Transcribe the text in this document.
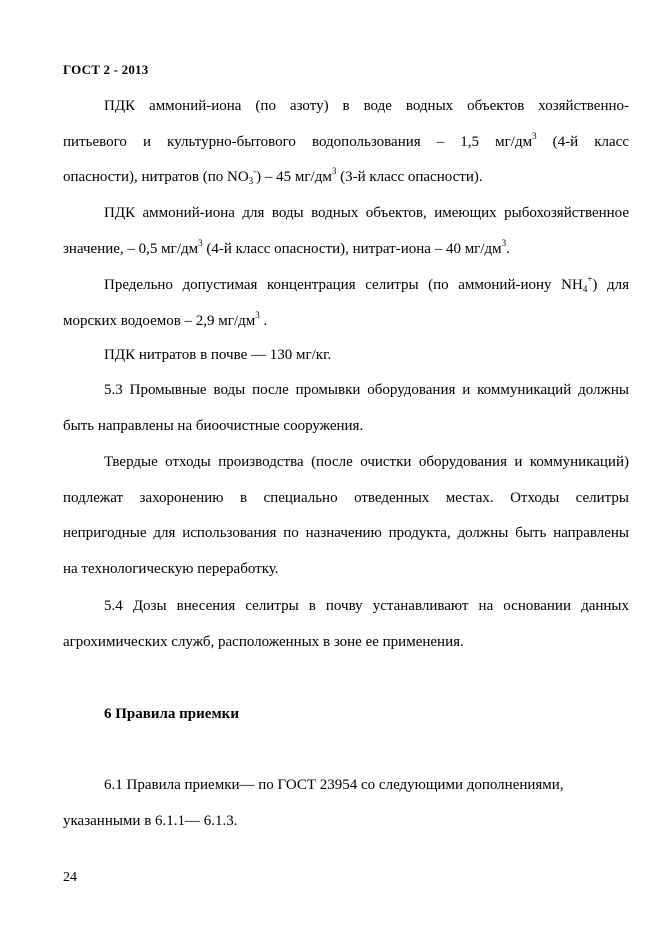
ГОСТ 2 - 2013
ПДК аммоний-иона (по азоту) в воде водных объектов хозяйственно-
питьевого и культурно-бытового водопользования – 1,5 $мг/дм^3$ (4-й класс
опасности), нитратов (по $NO_3^-) - 45$ $мг/дм^3$ (3-й класс опасности).
ПДК аммоний-иона для воды водных объектов, имеющих рыбохозяйственное
значение, – 0,5 $мг/дм^3$ (4-й класс опасности), нитрат-иона – 40 $мг/дм^3$.
Предельно допустимая концентрация селитры (по аммоний-иону $NH_4^+$) для
морских водоемов – 2,9 $мг/дм^3$ .
ПДК нитратов в почве — 130 мг/кг.
5.3 Промывные воды после промывки оборудования и коммуникаций должны
быть направлены на биоочистные сооружения.
Твердые отходы производства (после очистки оборудования и коммуникаций)
подлежат захоронению в специально отведенных местах. Отходы селитры
непригодные для использования по назначению продукта, должны быть направлены
на технологическую переработку.
5.4 Дозы внесения селитры в почву устанавливают на основании данных
агрохимических служб, расположенных в зоне ее применения.
6 Правила приемки
6.1 Правила приемки— по ГОСТ 23954 со следующими дополнениями,
указанными в 6.1.1— 6.1.3.
24
